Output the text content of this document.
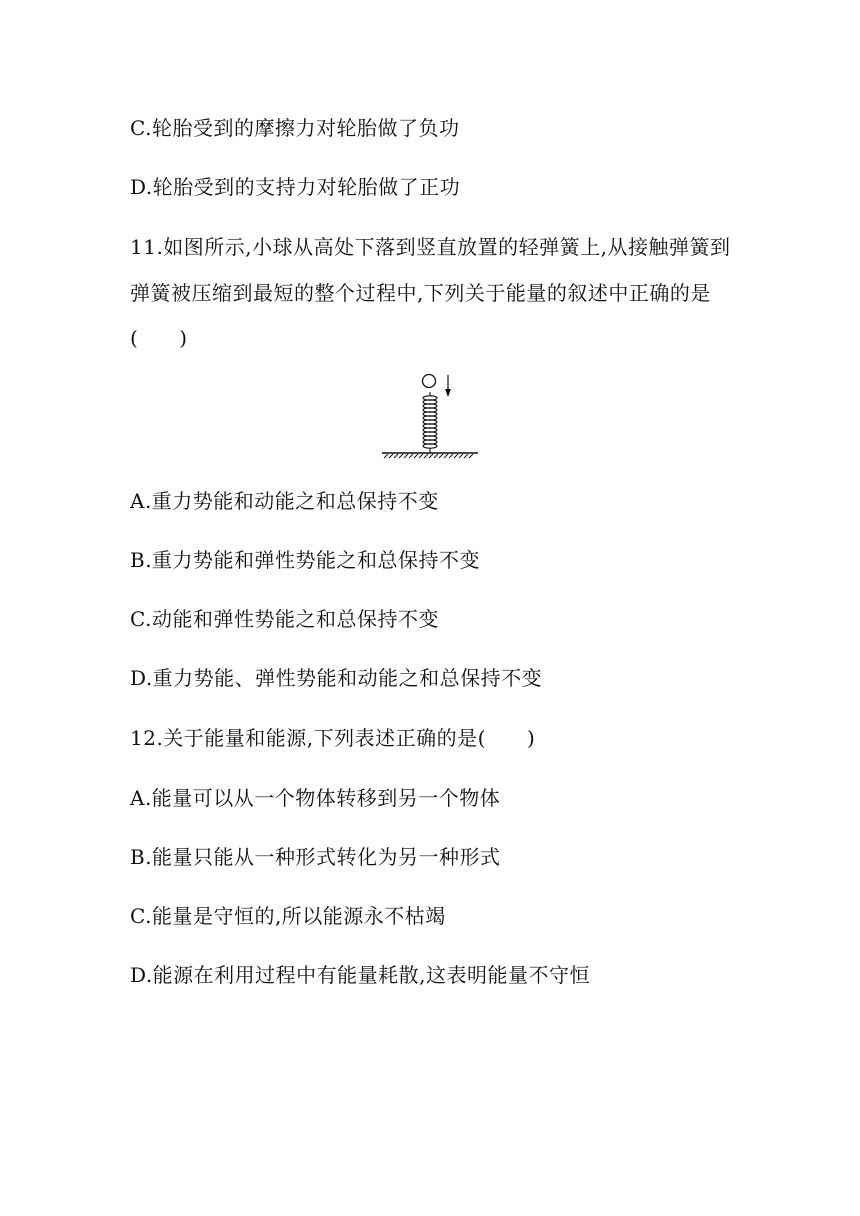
C.轮胎受到的摩擦力对轮胎做了负功
D.轮胎受到的支持力对轮胎做了正功
11.如图所示,小球从高处下落到竖直放置的轻弹簧上,从接触弹簧到
弹簧被压缩到最短的整个过程中,下列关于能量的叙述中正确的是
(　　)
A.重力势能和动能之和总保持不变
B.重力势能和弹性势能之和总保持不变
C.动能和弹性势能之和总保持不变
D.重力势能、弹性势能和动能之和总保持不变
12.关于能量和能源,下列表述正确的是(　　)
A.能量可以从一个物体转移到另一个物体
B.能量只能从一种形式转化为另一种形式
C.能量是守恒的,所以能源永不枯竭
D.能源在利用过程中有能量耗散,这表明能量不守恒
